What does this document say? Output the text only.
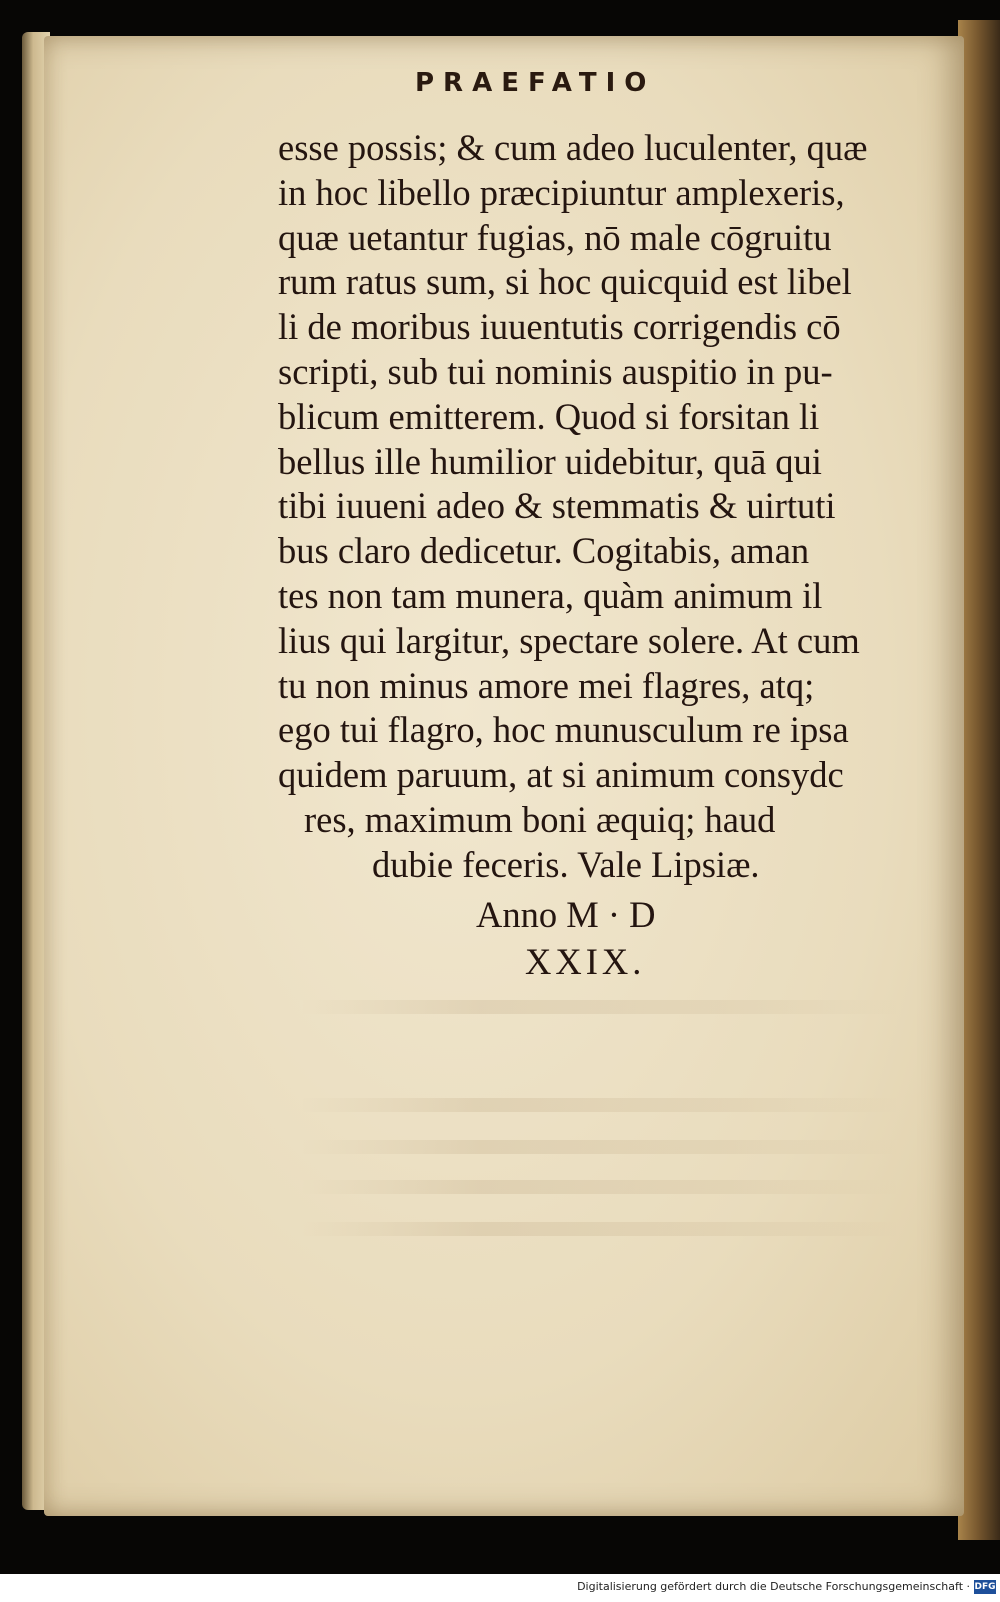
PRAEFATIO
esse possis; & cum adeo luculenter, quæ
in hoc libello præcipiuntur amplexeris,
quæ uetantur fugias, nō male cōgruitu
rum ratus sum, si hoc quicquid est libel
li de moribus iuuentutis corrigendis cō
scripti, sub tui nominis auspitio in pu-
blicum emitterem. Quod si forsitan li
bellus ille humilior uidebitur, quā qui
tibi iuueni adeo & stemmatis & uirtuti
bus claro dedicetur. Cogitabis, aman
tes non tam munera, quàm animum il
lius qui largitur, spectare solere. At cum
tu non minus amore mei flagres, atq;
ego tui flagro, hoc munusculum re ipsa
quidem paruum, at si animum consydc
res, maximum boni æquiq; haud
dubie feceris. Vale Lipsiæ.
Anno M · D
XXIX.
Digitalisierung gefördert durch die Deutsche Forschungsgemeinschaft · DFG
